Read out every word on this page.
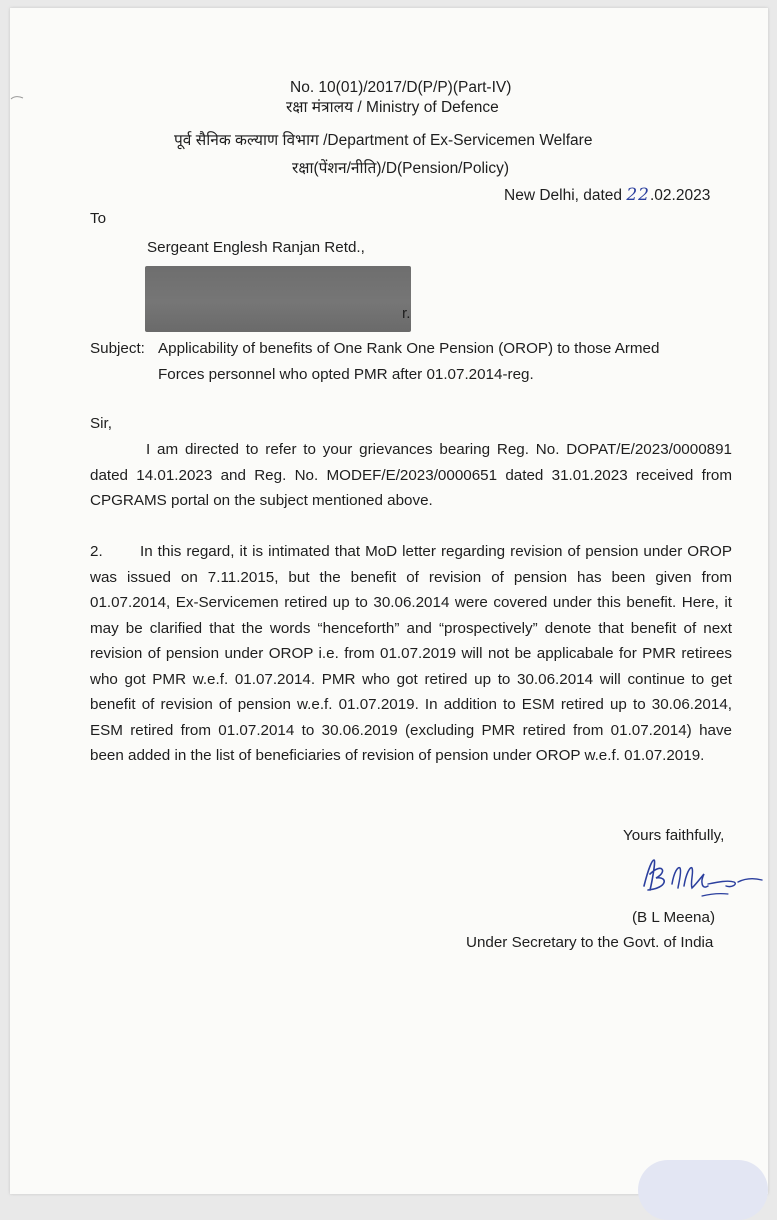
No. 10(01)/2017/D(P/P)(Part-IV)
रक्षा मंत्रालय / Ministry of Defence
पूर्व सैनिक कल्याण विभाग /Department of Ex-Servicemen Welfare
रक्षा(पेंशन/नीति)/D(Pension/Policy)
New Delhi, dated 22.02.2023
To
Sergeant Englesh Ranjan Retd.,
r.
Subject: Applicability of benefits of One Rank One Pension (OROP) to those Armed
Forces personnel who opted PMR after 01.07.2014-reg.
Sir,
I am directed to refer to your grievances bearing Reg. No. DOPAT/E/2023/0000891 dated 14.01.2023 and Reg. No. MODEF/E/2023/0000651 dated 31.01.2023 received from CPGRAMS portal on the subject mentioned above.
2. In this regard, it is intimated that MoD letter regarding revision of pension under OROP was issued on 7.11.2015, but the benefit of revision of pension has been given from 01.07.2014, Ex-Servicemen retired up to 30.06.2014 were covered under this benefit. Here, it may be clarified that the words “henceforth” and “prospectively” denote that benefit of next revision of pension under OROP i.e. from 01.07.2019 will not be applicabale for PMR retirees who got PMR w.e.f. 01.07.2014. PMR who got retired up to 30.06.2014 will continue to get benefit of revision of pension w.e.f. 01.07.2019. In addition to ESM retired up to 30.06.2014, ESM retired from 01.07.2014 to 30.06.2019 (excluding PMR retired from 01.07.2014) have been added in the list of beneficiaries of revision of pension under OROP w.e.f. 01.07.2019.
Yours faithfully,
(B L Meena)
Under Secretary to the Govt. of India
